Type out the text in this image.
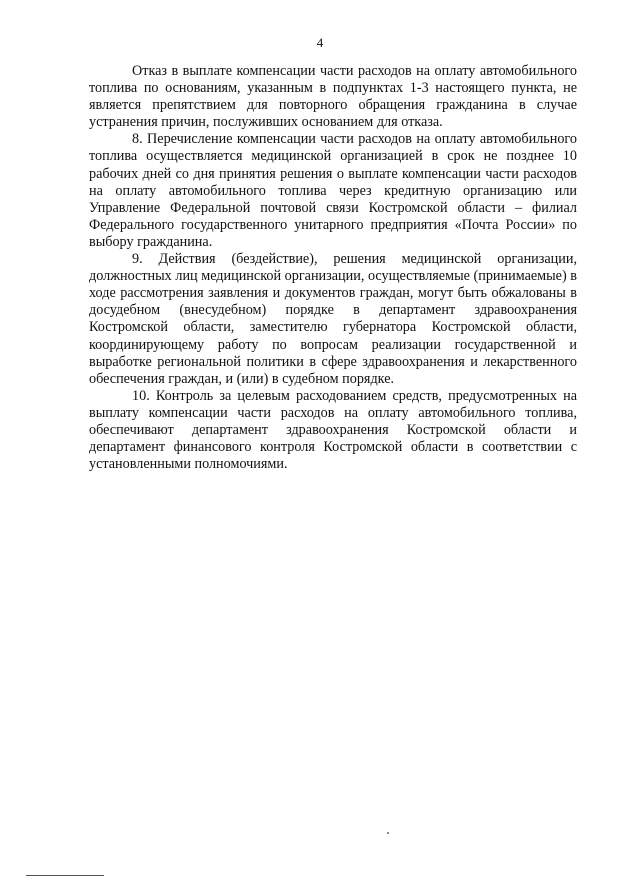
4

Отказ в выплате компенсации части расходов на оплату автомобильного топлива по основаниям, указанным в подпунктах 1-3 настоящего пункта, не является препятствием для повторного обращения гражданина в случае устранения причин, послуживших основанием для отказа.

8. Перечисление компенсации части расходов на оплату автомобильного топлива осуществляется медицинской организацией в срок не позднее 10 рабочих дней со дня принятия решения о выплате компенсации части расходов на оплату автомобильного топлива через кредитную организацию или Управление Федеральной почтовой связи Костромской области – филиал Федерального государственного унитарного предприятия «Почта России» по выбору гражданина.

9. Действия (бездействие), решения медицинской организации, должностных лиц медицинской организации, осуществляемые (принимаемые) в ходе рассмотрения заявления и документов граждан, могут быть обжалованы в досудебном (внесудебном) порядке в департамент здравоохранения Костромской области, заместителю губернатора Костромской области, координирующему работу по вопросам реализации государственной и выработке региональной политики в сфере здравоохранения и лекарственного обеспечения граждан, и (или) в судебном порядке.

10. Контроль за целевым расходованием средств, предусмотренных на выплату компенсации части расходов на оплату автомобильного топлива, обеспечивают департамент здравоохранения Костромской области и департамент финансового контроля Костромской области в соответствии с установленными полномочиями.
